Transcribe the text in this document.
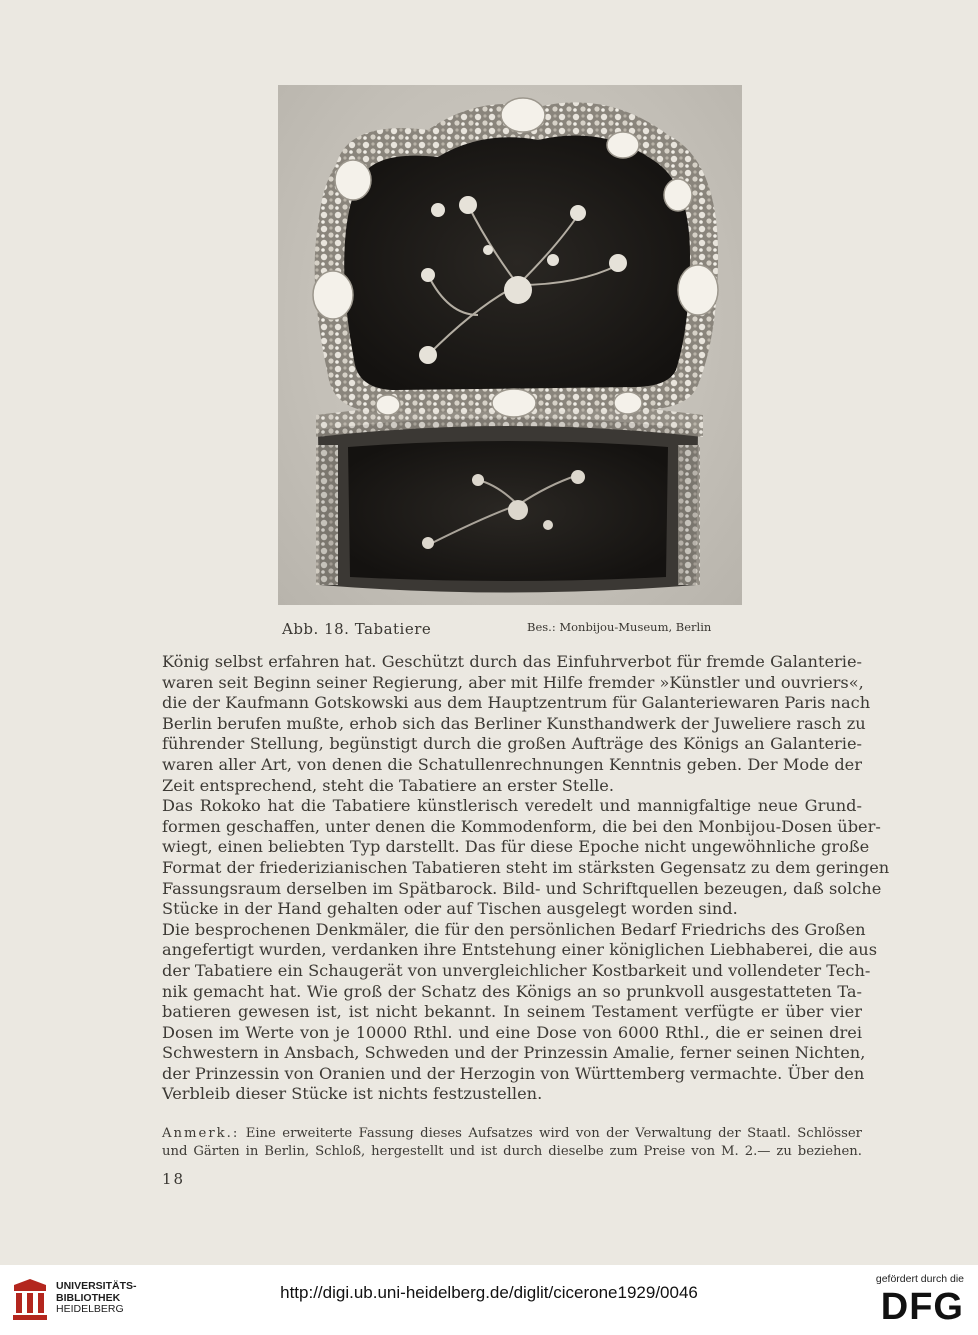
Abb. 18. Tabatiere	Bes.: Monbijou-Museum, Berlin
König selbst erfahren hat. Geschützt durch das Einfuhrverbot für fremde Galanterie-
waren seit Beginn seiner Regierung, aber mit Hilfe fremder »Künstler und ouvriers«,
die der Kaufmann Gotskowski aus dem Hauptzentrum für Galanteriewaren Paris nach
Berlin berufen mußte, erhob sich das Berliner Kunsthandwerk der Juweliere rasch zu
führender Stellung, begünstigt durch die großen Aufträge des Königs an Galanterie-
waren aller Art, von denen die Schatullenrechnungen Kenntnis geben. Der Mode der
Zeit entsprechend, steht die Tabatiere an erster Stelle.
Das Rokoko hat die Tabatiere künstlerisch veredelt und mannigfaltige neue Grund-
formen geschaffen, unter denen die Kommodenform, die bei den Monbijou-Dosen über-
wiegt, einen beliebten Typ darstellt. Das für diese Epoche nicht ungewöhnliche große
Format der friederizianischen Tabatieren steht im stärksten Gegensatz zu dem geringen
Fassungsraum derselben im Spätbarock. Bild- und Schriftquellen bezeugen, daß solche
Stücke in der Hand gehalten oder auf Tischen ausgelegt worden sind.
Die besprochenen Denkmäler, die für den persönlichen Bedarf Friedrichs des Großen
angefertigt wurden, verdanken ihre Entstehung einer königlichen Liebhaberei, die aus
der Tabatiere ein Schaugerät von unvergleichlicher Kostbarkeit und vollendeter Tech-
nik gemacht hat. Wie groß der Schatz des Königs an so prunkvoll ausgestatteten Ta-
batieren gewesen ist, ist nicht bekannt. In seinem Testament verfügte er über vier
Dosen im Werte von je 10000 Rthl. und eine Dose von 6000 Rthl., die er seinen drei
Schwestern in Ansbach, Schweden und der Prinzessin Amalie, ferner seinen Nichten,
der Prinzessin von Oranien und der Herzogin von Württemberg vermachte. Über den
Verbleib dieser Stücke ist nichts festzustellen.
Anmerk.: Eine erweiterte Fassung dieses Aufsatzes wird von der Verwaltung der Staatl. Schlösser
und Gärten in Berlin, Schloß, hergestellt und ist durch dieselbe zum Preise von M. 2.— zu beziehen.
18
UNIVERSITÄTS-
BIBLIOTHEK
HEIDELBERG
http://digi.ub.uni-heidelberg.de/diglit/cicerone1929/0046
gefördert durch die
DFG
